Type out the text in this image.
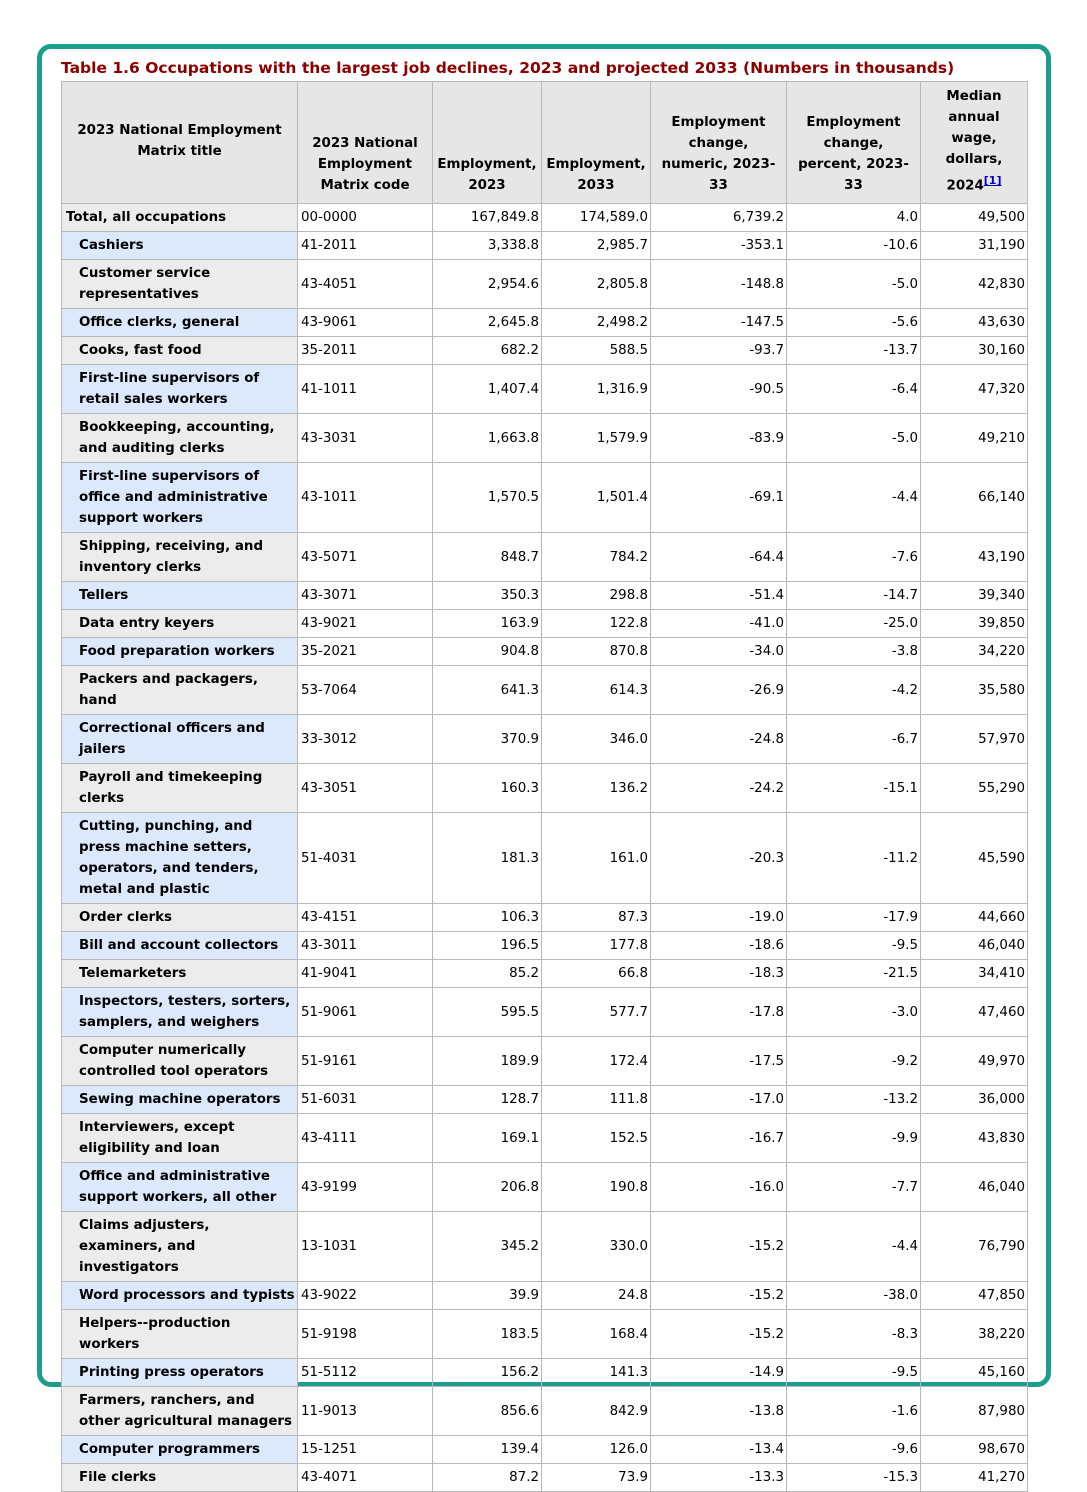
Table 1.6 Occupations with the largest job declines, 2023 and projected 2033 (Numbers in thousands)
2023 National Employment Matrix title	2023 National Employment Matrix code	Employment, 2023	Employment, 2033	Employment change, numeric, 2023-33	Employment change, percent, 2023-33	Median annual wage, dollars, 2024[1]
Total, all occupations	00-0000	167,849.8	174,589.0	6,739.2	4.0	49,500
Cashiers	41-2011	3,338.8	2,985.7	-353.1	-10.6	31,190
Customer service representatives	43-4051	2,954.6	2,805.8	-148.8	-5.0	42,830
Office clerks, general	43-9061	2,645.8	2,498.2	-147.5	-5.6	43,630
Cooks, fast food	35-2011	682.2	588.5	-93.7	-13.7	30,160
First-line supervisors of retail sales workers	41-1011	1,407.4	1,316.9	-90.5	-6.4	47,320
Bookkeeping, accounting, and auditing clerks	43-3031	1,663.8	1,579.9	-83.9	-5.0	49,210
First-line supervisors of office and administrative support workers	43-1011	1,570.5	1,501.4	-69.1	-4.4	66,140
Shipping, receiving, and inventory clerks	43-5071	848.7	784.2	-64.4	-7.6	43,190
Tellers	43-3071	350.3	298.8	-51.4	-14.7	39,340
Data entry keyers	43-9021	163.9	122.8	-41.0	-25.0	39,850
Food preparation workers	35-2021	904.8	870.8	-34.0	-3.8	34,220
Packers and packagers, hand	53-7064	641.3	614.3	-26.9	-4.2	35,580
Correctional officers and jailers	33-3012	370.9	346.0	-24.8	-6.7	57,970
Payroll and timekeeping clerks	43-3051	160.3	136.2	-24.2	-15.1	55,290
Cutting, punching, and press machine setters, operators, and tenders, metal and plastic	51-4031	181.3	161.0	-20.3	-11.2	45,590
Order clerks	43-4151	106.3	87.3	-19.0	-17.9	44,660
Bill and account collectors	43-3011	196.5	177.8	-18.6	-9.5	46,040
Telemarketers	41-9041	85.2	66.8	-18.3	-21.5	34,410
Inspectors, testers, sorters, samplers, and weighers	51-9061	595.5	577.7	-17.8	-3.0	47,460
Computer numerically controlled tool operators	51-9161	189.9	172.4	-17.5	-9.2	49,970
Sewing machine operators	51-6031	128.7	111.8	-17.0	-13.2	36,000
Interviewers, except eligibility and loan	43-4111	169.1	152.5	-16.7	-9.9	43,830
Office and administrative support workers, all other	43-9199	206.8	190.8	-16.0	-7.7	46,040
Claims adjusters, examiners, and investigators	13-1031	345.2	330.0	-15.2	-4.4	76,790
Word processors and typists	43-9022	39.9	24.8	-15.2	-38.0	47,850
Helpers--production workers	51-9198	183.5	168.4	-15.2	-8.3	38,220
Printing press operators	51-5112	156.2	141.3	-14.9	-9.5	45,160
Farmers, ranchers, and other agricultural managers	11-9013	856.6	842.9	-13.8	-1.6	87,980
Computer programmers	15-1251	139.4	126.0	-13.4	-9.6	98,670
File clerks	43-4071	87.2	73.9	-13.3	-15.3	41,270
